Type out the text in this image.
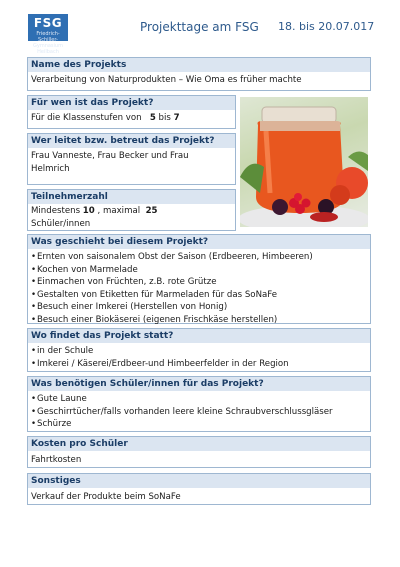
FSG
Friedrich-Schiller-Gymnasium Heilbach
Projekttage am FSG 18. bis 20.07.017
Name des Projekts
Verarbeitung von Naturprodukten – Wie Oma es früher machte
Für wen ist das Projekt?
Für die Klassenstufen von 5 bis 7
Wer leitet bzw. betreut das Projekt?
Frau Vanneste, Frau Becker und Frau
Helmrich
Teilnehmerzahl
Mindestens 10 , maximal 25
Schüler/innen
Was geschieht bei diesem Projekt?
•Ernten von saisonalem Obst der Saison (Erdbeeren, Himbeeren)
•Kochen von Marmelade
•Einmachen von Früchten, z.B. rote Grütze
•Gestalten von Etiketten für Marmeladen für das SoNaFe
•Besuch einer Imkerei (Herstellen von Honig)
•Besuch einer Biokäserei (eigenen Frischkäse herstellen)
Wo findet das Projekt statt?
•in der Schule
•Imkerei / Käserei/Erdbeer-und Himbeerfelder in der Region
Was benötigen Schüler/innen für das Projekt?
•Gute Laune
•Geschirrtücher/falls vorhanden leere kleine Schraubverschlussgläser
•Schürze
Kosten pro Schüler
Fahrtkosten
Sonstiges
Verkauf der Produkte beim SoNaFe
